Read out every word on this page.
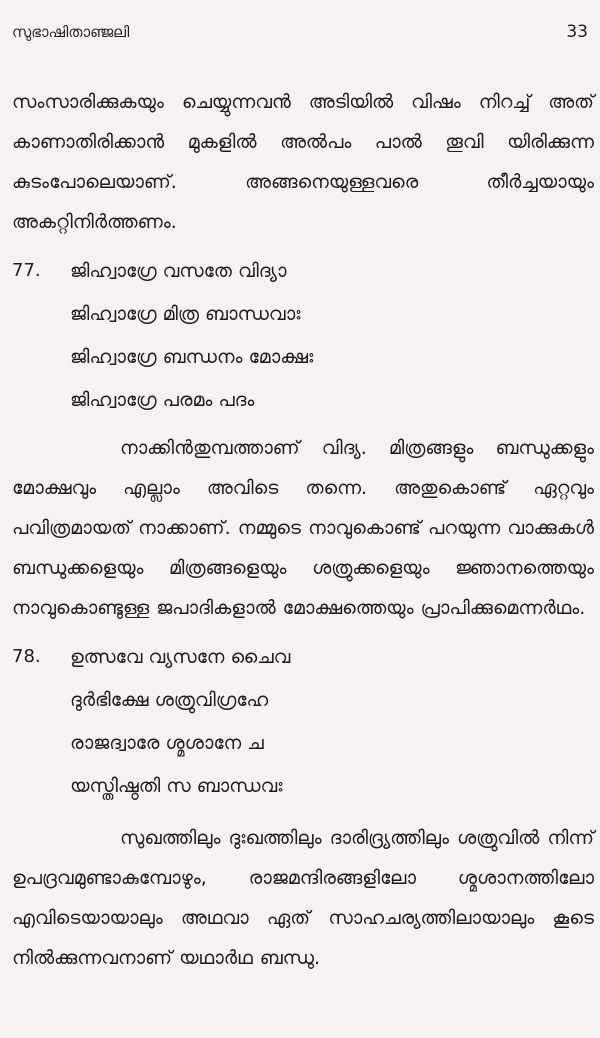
സുഭാഷിതാഞ്ജലി	33

സംസാരിക്കുകയും ചെയ്യുന്നവൻ അടിയിൽ വിഷം നിറച്ച് അത് കാണാതിരിക്കാൻ മുകളിൽ അൽപം പാൽ തൂവി യിരിക്കുന്ന കുടംപോലെയാണ്. അങ്ങനെയുള്ളവരെ തീർച്ചയായും അകറ്റിനിർത്തണം.

77. ജിഹ്വാഗ്രേ വസതേ വിദ്യാ
ജിഹ്വാഗ്രേ മിത്ര ബാന്ധവാഃ
ജിഹ്വാഗ്രേ ബന്ധനം മോക്ഷഃ
ജിഹ്വാഗ്രേ പരമം പദം

നാക്കിൻതുമ്പത്താണ് വിദ്യ. മിത്രങ്ങളും ബന്ധുക്കളും മോക്ഷവും എല്ലാം അവിടെ തന്നെ. അതുകൊണ്ട് ഏറ്റവും പവിത്രമായത് നാക്കാണ്. നമ്മുടെ നാവുകൊണ്ട് പറയുന്ന വാക്കുകൾ ബന്ധുക്കളെയും മിത്രങ്ങളെയും ശത്രുക്കളെയും ജ്ഞാനത്തെയും നാവുകൊണ്ടുള്ള ജപാദികളാൽ മോക്ഷത്തെയും പ്രാപിക്കുമെന്നർഥം.

78. ഉത്സവേ വ്യസനേ ചൈവ
ദുർഭിക്ഷേ ശത്രുവിഗ്രഹേ
രാജദ്വാരേ ശ്മശാനേ ച
യസ്തിഷ്ഠതി സ ബാന്ധവഃ

സുഖത്തിലും ദുഃഖത്തിലും ദാരിദ്ര്യത്തിലും ശത്രുവിൽ നിന്ന് ഉപദ്രവമുണ്ടാകുമ്പോഴും, രാജമന്ദിരങ്ങളിലോ ശ്മശാനത്തിലോ എവിടെയായാലും അഥവാ ഏത് സാഹചര്യത്തിലായാലും കൂടെ നിൽക്കുന്നവനാണ് യഥാർഥ ബന്ധു.
